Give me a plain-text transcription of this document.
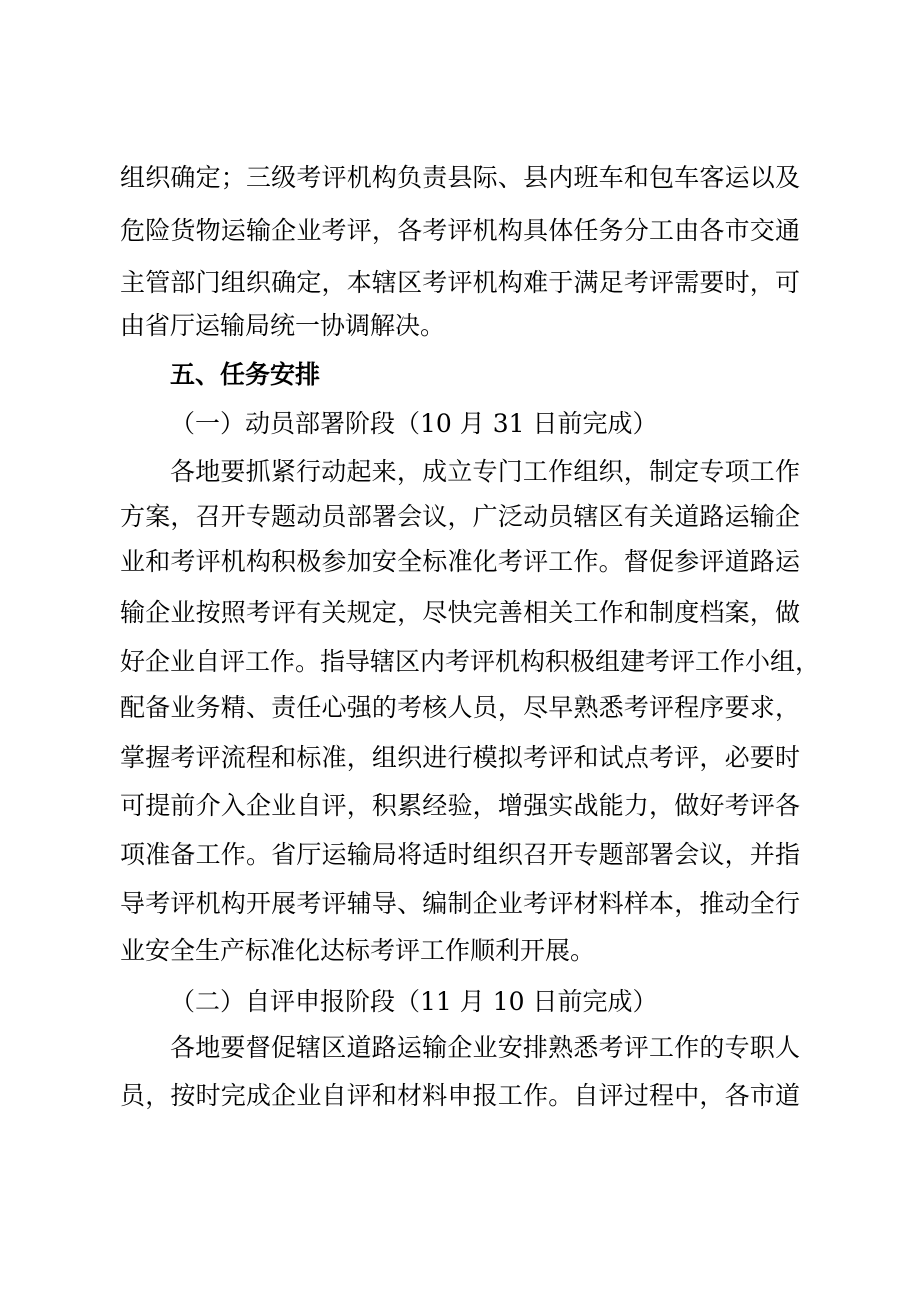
组织确定；三级考评机构负责县际、县内班车和包车客运以及
危险货物运输企业考评，各考评机构具体任务分工由各市交通
主管部门组织确定，本辖区考评机构难于满足考评需要时，可
由省厅运输局统一协调解决。
五、任务安排
（一）动员部署阶段（10 月 31 日前完成）
各地要抓紧行动起来，成立专门工作组织，制定专项工作
方案，召开专题动员部署会议，广泛动员辖区有关道路运输企
业和考评机构积极参加安全标准化考评工作。督促参评道路运
输企业按照考评有关规定，尽快完善相关工作和制度档案，做
好企业自评工作。指导辖区内考评机构积极组建考评工作小组，
配备业务精、责任心强的考核人员，尽早熟悉考评程序要求，
掌握考评流程和标准，组织进行模拟考评和试点考评，必要时
可提前介入企业自评，积累经验，增强实战能力，做好考评各
项准备工作。省厅运输局将适时组织召开专题部署会议，并指
导考评机构开展考评辅导、编制企业考评材料样本，推动全行
业安全生产标准化达标考评工作顺利开展。
（二）自评申报阶段（11 月 10 日前完成）
各地要督促辖区道路运输企业安排熟悉考评工作的专职人
员，按时完成企业自评和材料申报工作。自评过程中，各市道
